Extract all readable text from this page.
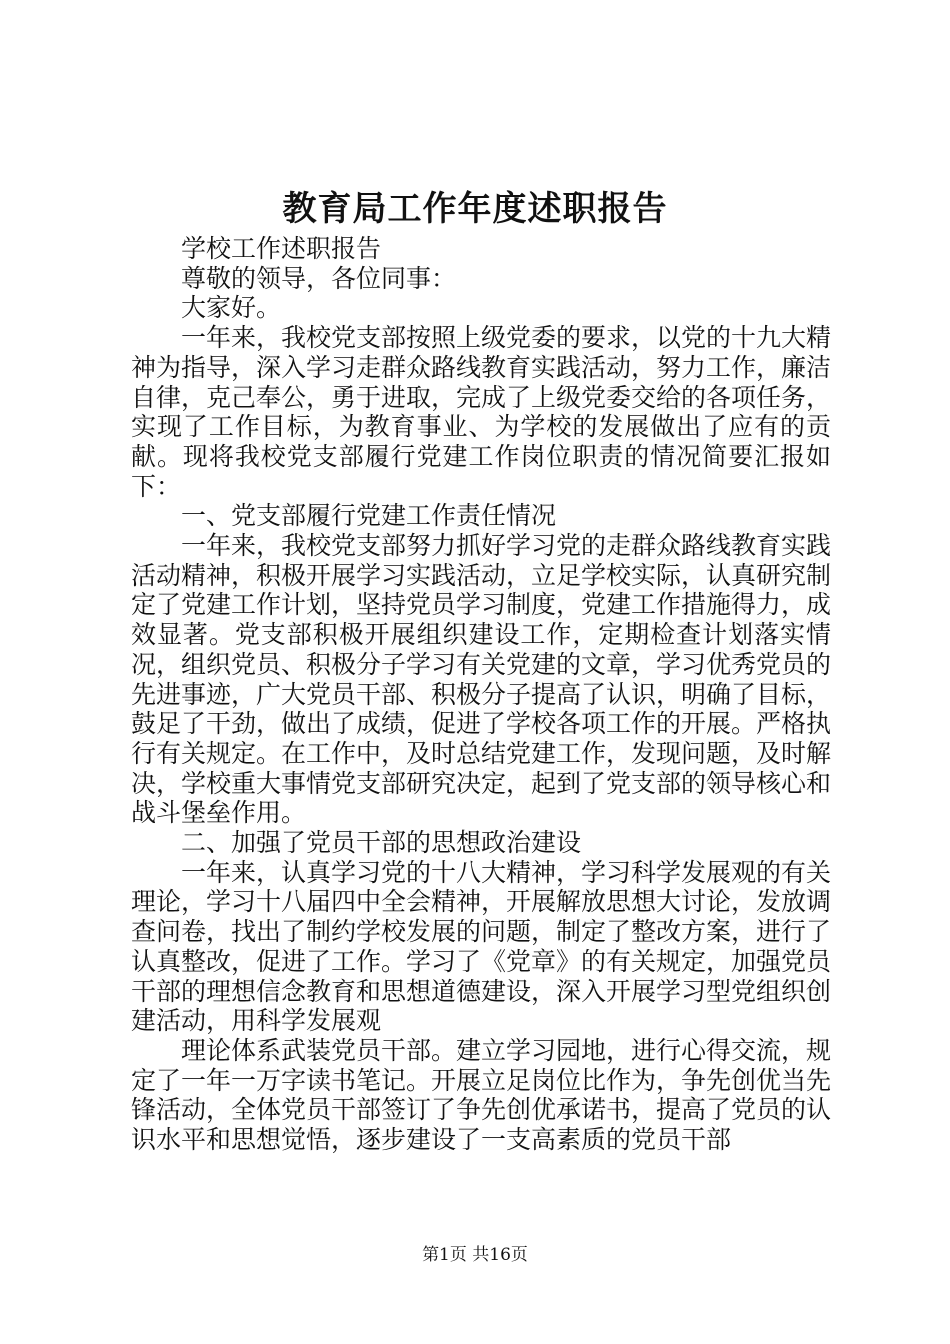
教育局工作年度述职报告

学校工作述职报告

尊敬的领导，各位同事：

大家好。

一年来，我校党支部按照上级党委的要求，以党的十九大精神为指导，深入学习走群众路线教育实践活动，努力工作，廉洁自律，克己奉公，勇于进取，完成了上级党委交给的各项任务，实现了工作目标，为教育事业、为学校的发展做出了应有的贡献。现将我校党支部履行党建工作岗位职责的情况简要汇报如下：

一、党支部履行党建工作责任情况

一年来，我校党支部努力抓好学习党的走群众路线教育实践活动精神，积极开展学习实践活动，立足学校实际，认真研究制定了党建工作计划，坚持党员学习制度，党建工作措施得力，成效显著。党支部积极开展组织建设工作，定期检查计划落实情况，组织党员、积极分子学习有关党建的文章，学习优秀党员的先进事迹，广大党员干部、积极分子提高了认识，明确了目标，鼓足了干劲，做出了成绩，促进了学校各项工作的开展。严格执行有关规定。在工作中，及时总结党建工作，发现问题，及时解决，学校重大事情党支部研究决定，起到了党支部的领导核心和战斗堡垒作用。

二、加强了党员干部的思想政治建设

一年来，认真学习党的十八大精神，学习科学发展观的有关理论，学习十八届四中全会精神，开展解放思想大讨论，发放调查问卷，找出了制约学校发展的问题，制定了整改方案，进行了认真整改，促进了工作。学习了《党章》的有关规定，加强党员干部的理想信念教育和思想道德建设，深入开展学习型党组织创建活动，用科学发展观

理论体系武装党员干部。建立学习园地，进行心得交流，规定了一年一万字读书笔记。开展立足岗位比作为，争先创优当先锋活动，全体党员干部签订了争先创优承诺书，提高了党员的认识水平和思想觉悟，逐步建设了一支高素质的党员干部

第1页 共16页
